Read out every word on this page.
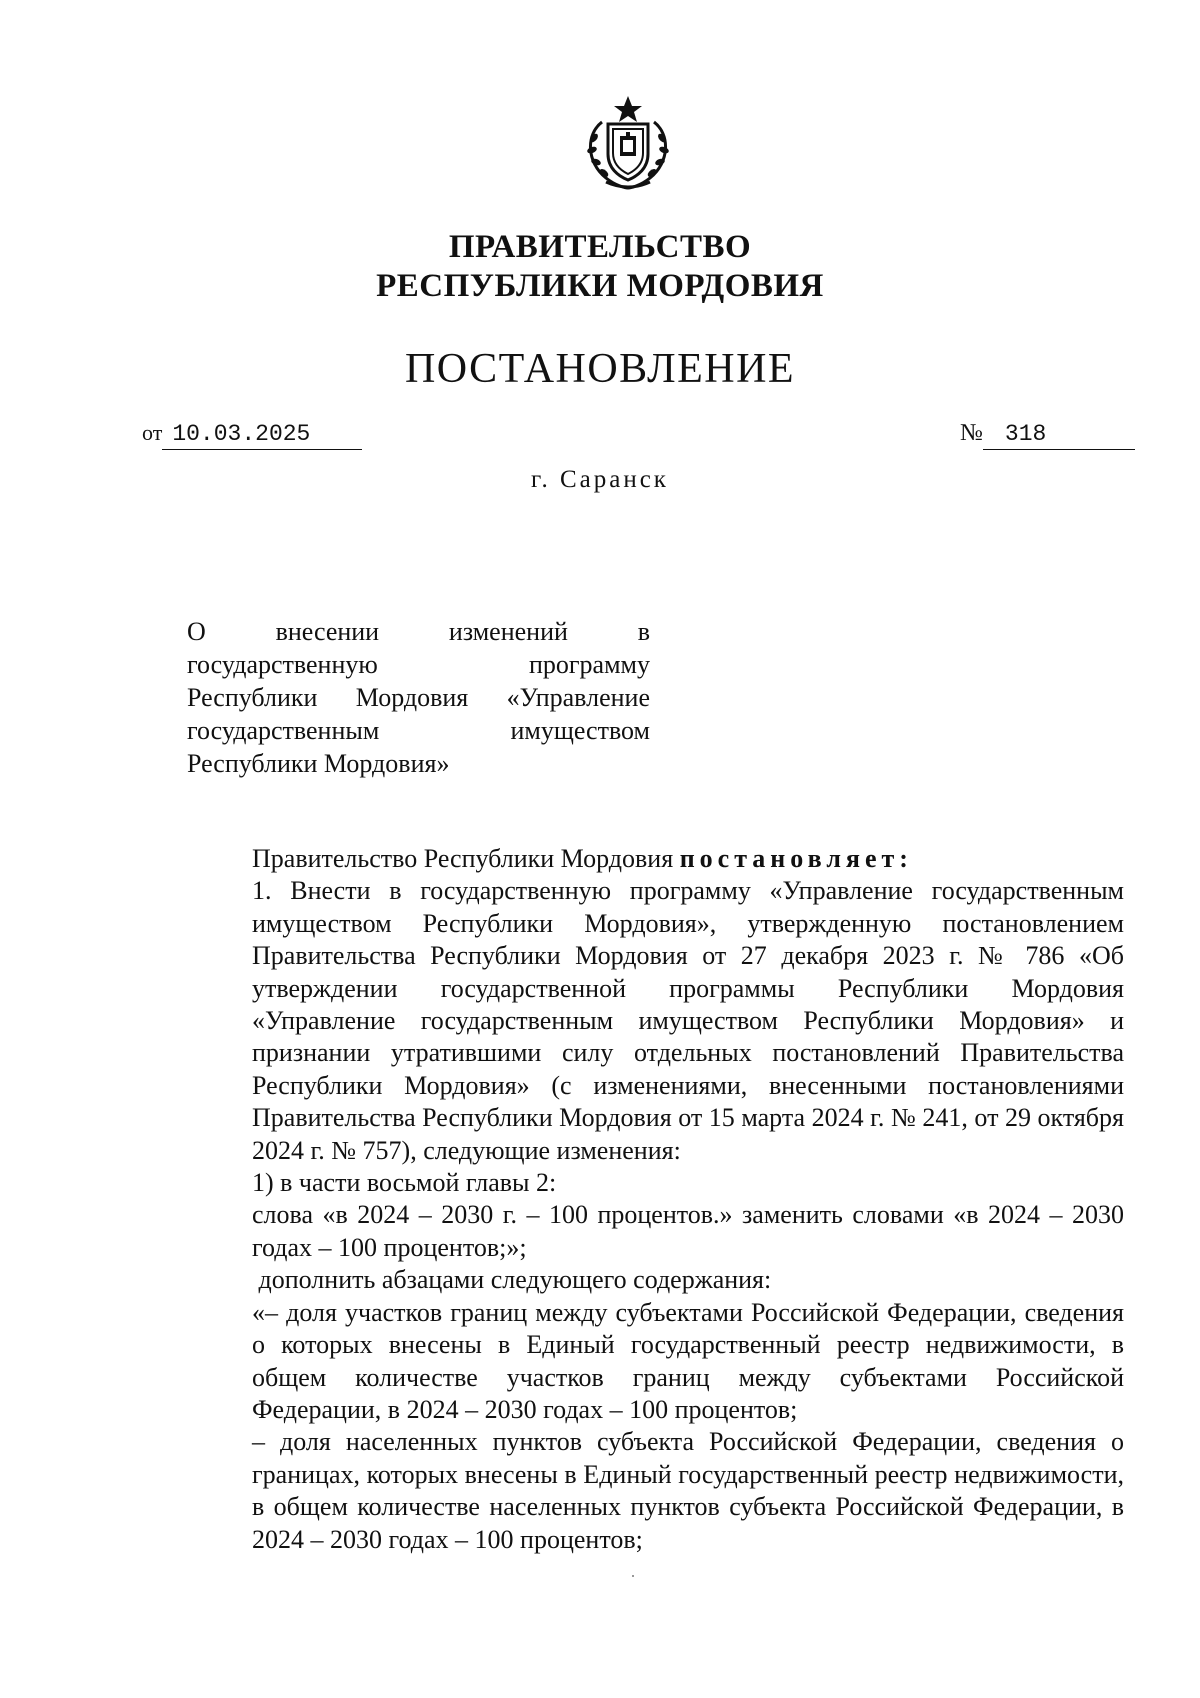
ПРАВИТЕЛЬСТВО
РЕСПУБЛИКИ МОРДОВИЯ
ПОСТАНОВЛЕНИЕ
от 10.03.2025	№ 318
г. Саранск
О внесении изменений в
государственную программу
Республики Мордовия «Управление
государственным имуществом
Республики Мордовия»

Правительство Республики Мордовия постановляет:

1. Внести в государственную программу «Управление государственным имуществом Республики Мордовия», утвержденную постановлением Правительства Республики Мордовия от 27 декабря 2023 г. № 786 «Об утверждении государственной программы Республики Мордовия «Управление государственным имуществом Республики Мордовия» и признании утратившими силу отдельных постановлений Правительства Республики Мордовия» (с изменениями, внесенными постановлениями Правительства Республики Мордовия от 15 марта 2024 г. № 241, от 29 октября 2024 г. № 757), следующие изменения:

1) в части восьмой главы 2:

слова «в 2024 – 2030 г. – 100 процентов.» заменить словами «в 2024 – 2030 годах – 100 процентов;»;

дополнить абзацами следующего содержания:

«– доля участков границ между субъектами Российской Федерации, сведения о которых внесены в Единый государственный реестр недвижимости, в общем количестве участков границ между субъектами Российской Федерации, в 2024 – 2030 годах – 100 процентов;

– доля населенных пунктов субъекта Российской Федерации, сведения о границах, которых внесены в Единый государственный реестр недвижимости, в общем количестве населенных пунктов субъекта Российской Федерации, в 2024 – 2030 годах – 100 процентов;
